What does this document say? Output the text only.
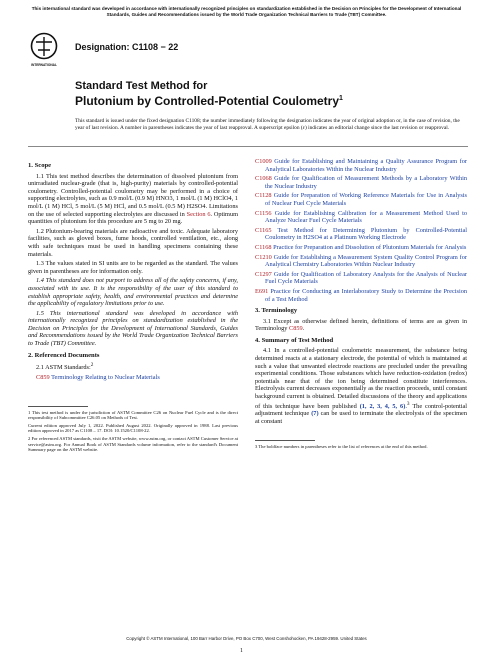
This international standard was developed in accordance with internationally recognized principles on standardization established in the Decision on Principles for the Development of International Standards, Guides and Recommendations issued by the World Trade Organization Technical Barriers to Trade (TBT) Committee.
INTERNATIONAL
Designation: C1108 − 22
Standard Test Method for
Plutonium by Controlled-Potential Coulometry$^1$
This standard is issued under the fixed designation C1108; the number immediately following the designation indicates the year of original adoption or, in the case of revision, the year of last revision. A number in parentheses indicates the year of last reapproval. A superscript epsilon (ε) indicates an editorial change since the last revision or reapproval.
1. Scope

1.1 This test method describes the determination of dissolved plutonium from unirradiated nuclear-grade (that is, high-purity) materials by controlled-potential coulometry. Controlled-potential coulometry may be performed in a choice of supporting electrolytes, such as 0.9 mol/L (0.9 M) HNO3, 1 mol/L (1 M) HClO4, 1 mol/L (1 M) HCl, 5 mol/L (5 M) HCl, and 0.5 mol/L (0.5 M) H2SO4. Limitations on the use of selected supporting electrolytes are discussed in Section 6. Optimum quantities of plutonium for this procedure are 5 mg to 20 mg.

1.2 Plutonium-bearing materials are radioactive and toxic. Adequate laboratory facilities, such as gloved boxes, fume hoods, controlled ventilation, etc., along with safe techniques must be used in handling specimens containing these materials.

1.3 The values stated in SI units are to be regarded as the standard. The values given in parentheses are for information only.

1.4 This standard does not purport to address all of the safety concerns, if any, associated with its use. It is the responsibility of the user of this standard to establish appropriate safety, health, and environmental practices and determine the applicability of regulatory limitations prior to use.

1.5 This international standard was developed in accordance with internationally recognized principles on standardization established in the Decision on Principles for the Development of International Standards, Guides and Recommendations issued by the World Trade Organization Technical Barriers to Trade (TBT) Committee.

2. Referenced Documents

2.1 ASTM Standards:$^2$

C859 Terminology Relating to Nuclear Materials

1 This test method is under the jurisdiction of ASTM Committee C26 on Nuclear Fuel Cycle and is the direct responsibility of Subcommittee C26.05 on Methods of Test.

Current edition approved July 1, 2022. Published August 2022. Originally approved in 1988. Last previous edition approved in 2017 as C1108 – 17. DOI: 10.1520/C1108-22.

2 For referenced ASTM standards, visit the ASTM website, www.astm.org, or contact ASTM Customer Service at service@astm.org. For Annual Book of ASTM Standards volume information, refer to the standard's Document Summary page on the ASTM website.

C1009 Guide for Establishing and Maintaining a Quality Assurance Program for Analytical Laboratories Within the Nuclear Industry

C1068 Guide for Qualification of Measurement Methods by a Laboratory Within the Nuclear Industry

C1128 Guide for Preparation of Working Reference Materials for Use in Analysis of Nuclear Fuel Cycle Materials

C1156 Guide for Establishing Calibration for a Measurement Method Used to Analyze Nuclear Fuel Cycle Materials

C1165 Test Method for Determining Plutonium by Controlled-Potential Coulometry in H2SO4 at a Platinum Working Electrode

C1168 Practice for Preparation and Dissolution of Plutonium Materials for Analysis

C1210 Guide for Establishing a Measurement System Quality Control Program for Analytical Chemistry Laboratories Within Nuclear Industry

C1297 Guide for Qualification of Laboratory Analysts for the Analysis of Nuclear Fuel Cycle Materials

E691 Practice for Conducting an Interlaboratory Study to Determine the Precision of a Test Method

3. Terminology

3.1 Except as otherwise defined herein, definitions of terms are as given in Terminology C859.

4. Summary of Test Method

4.1 In a controlled-potential coulometric measurement, the substance being determined reacts at a stationary electrode, the potential of which is maintained at such a value that unwanted electrode reactions are precluded under the prevailing experimental conditions. Those substances which have reduction-oxidation (redox) potentials near that of the ion being determined constitute interferences. Electrolysis current decreases exponentially as the reaction proceeds, until constant background current is obtained. Detailed discussions of the theory and applications of this technique have been published (1, 2, 3, 4, 5, 6).$^3$ The control-potential adjustment technique (7) can be used to terminate the electrolysis of the specimen at constant

3 The boldface numbers in parentheses refer to the list of references at the end of this method.

Copyright © ASTM International, 100 Barr Harbor Drive, PO Box C700, West Conshohocken, PA 19428-2959. United States
1
